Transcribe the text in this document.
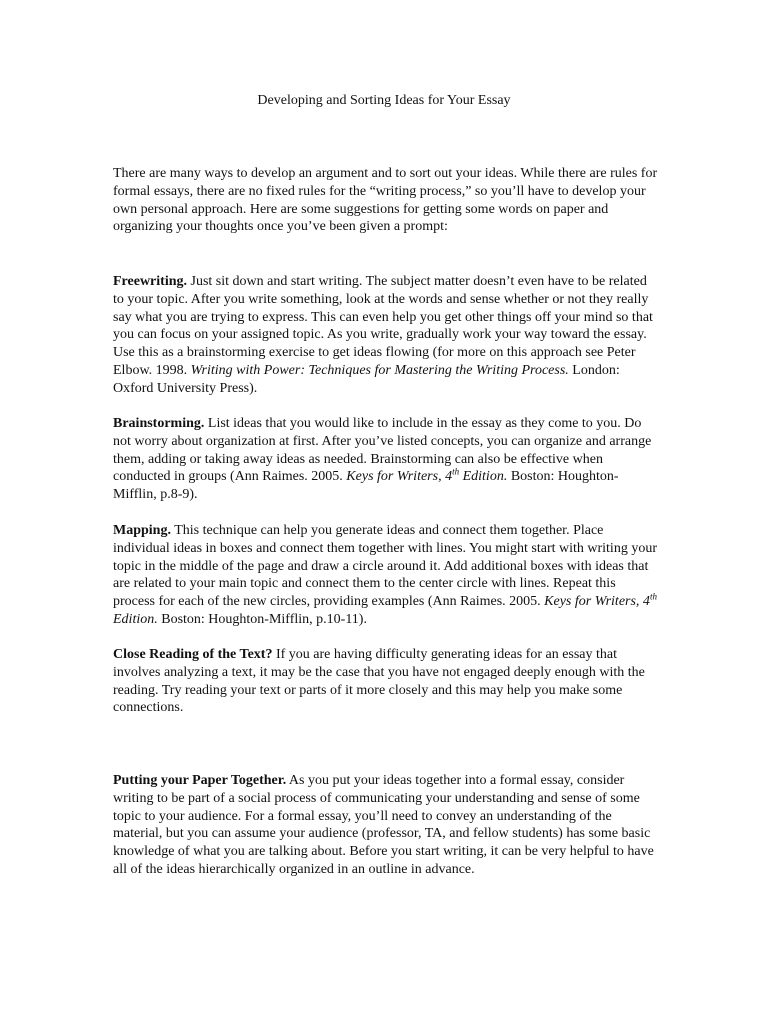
Developing and Sorting Ideas for Your Essay

There are many ways to develop an argument and to sort out your ideas. While there are rules for formal essays, there are no fixed rules for the “writing process,” so you’ll have to develop your own personal approach. Here are some suggestions for getting some words on paper and organizing your thoughts once you’ve been given a prompt:

Freewriting. Just sit down and start writing. The subject matter doesn’t even have to be related to your topic. After you write something, look at the words and sense whether or not they really say what you are trying to express. This can even help you get other things off your mind so that you can focus on your assigned topic. As you write, gradually work your way toward the essay. Use this as a brainstorming exercise to get ideas flowing (for more on this approach see Peter Elbow. 1998. Writing with Power: Techniques for Mastering the Writing Process. London: Oxford University Press).

Brainstorming. List ideas that you would like to include in the essay as they come to you. Do not worry about organization at first. After you’ve listed concepts, you can organize and arrange them, adding or taking away ideas as needed. Brainstorming can also be effective when conducted in groups (Ann Raimes. 2005. Keys for Writers, 4th Edition. Boston: Houghton-Mifflin, p.8-9).

Mapping. This technique can help you generate ideas and connect them together. Place individual ideas in boxes and connect them together with lines. You might start with writing your topic in the middle of the page and draw a circle around it. Add additional boxes with ideas that are related to your main topic and connect them to the center circle with lines. Repeat this process for each of the new circles, providing examples (Ann Raimes. 2005. Keys for Writers, 4th Edition. Boston: Houghton-Mifflin, p.10-11).

Close Reading of the Text? If you are having difficulty generating ideas for an essay that involves analyzing a text, it may be the case that you have not engaged deeply enough with the reading. Try reading your text or parts of it more closely and this may help you make some connections.

Putting your Paper Together. As you put your ideas together into a formal essay, consider writing to be part of a social process of communicating your understanding and sense of some topic to your audience. For a formal essay, you’ll need to convey an understanding of the material, but you can assume your audience (professor, TA, and fellow students) has some basic knowledge of what you are talking about. Before you start writing, it can be very helpful to have all of the ideas hierarchically organized in an outline in advance.
